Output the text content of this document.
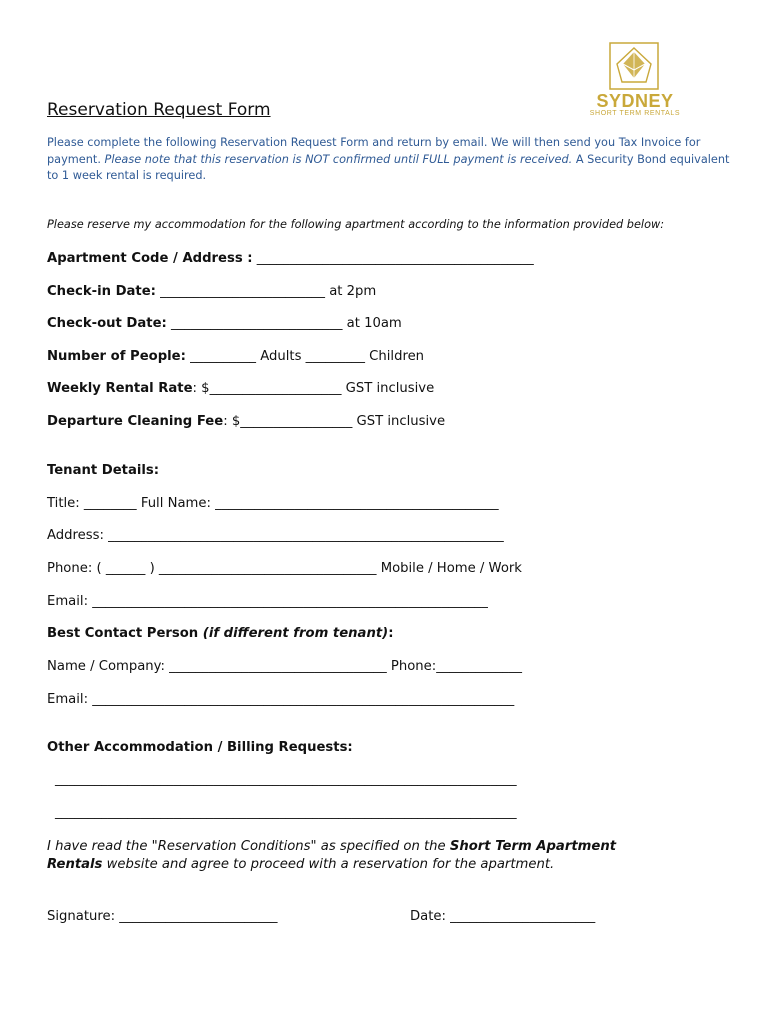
SYDNEY
SHORT TERM RENTALS
Reservation Request Form
Please complete the following Reservation Request Form and return by email. We will then send you Tax Invoice for payment. Please note that this reservation is NOT confirmed until FULL payment is received. A Security Bond equivalent to 1 week rental is required.
Please reserve my accommodation for the following apartment according to the information provided below:
Apartment Code / Address : __________________________________________
Check-in Date: _________________________ at 2pm
Check-out Date: __________________________ at 10am
Number of People: __________ Adults _________ Children
Weekly Rental Rate: $____________________ GST inclusive
Departure Cleaning Fee: $_________________ GST inclusive
Tenant Details:
Title: ________ Full Name: ___________________________________________
Address: ____________________________________________________________
Phone: ( ______ ) _________________________________ Mobile / Home / Work
Email: ____________________________________________________________
Best Contact Person (if different from tenant):
Name / Company: _________________________________ Phone:_____________
Email: ________________________________________________________________
Other Accommodation / Billing Requests:
______________________________________________________________________
______________________________________________________________________
I have read the "Reservation Conditions" as specified on the Short Term Apartment
Rentals website and agree to proceed with a reservation for the apartment.
Signature: ________________________	Date: ______________________
